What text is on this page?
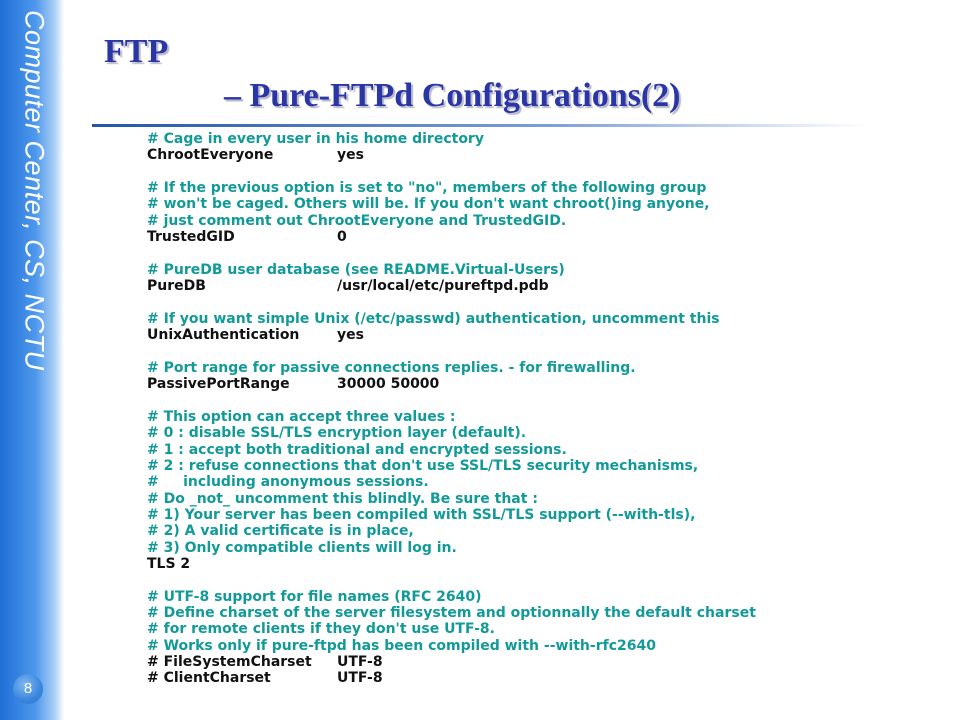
Computer Center, CS, NCTU
8
FTP
– Pure-FTPd Configurations(2)
# Cage in every user in his home directory
ChrootEveryone	yes
# If the previous option is set to "no", members of the following group
# won't be caged. Others will be. If you don't want chroot()ing anyone,
# just comment out ChrootEveryone and TrustedGID.
TrustedGID	0
# PureDB user database (see README.Virtual-Users)
PureDB	/usr/local/etc/pureftpd.pdb
# If you want simple Unix (/etc/passwd) authentication, uncomment this
UnixAuthentication	yes
# Port range for passive connections replies. - for firewalling.
PassivePortRange	30000 50000
# This option can accept three values :
# 0 : disable SSL/TLS encryption layer (default).
# 1 : accept both traditional and encrypted sessions.
# 2 : refuse connections that don't use SSL/TLS security mechanisms,
#     including anonymous sessions.
# Do _not_ uncomment this blindly. Be sure that :
# 1) Your server has been compiled with SSL/TLS support (--with-tls),
# 2) A valid certificate is in place,
# 3) Only compatible clients will log in.
TLS 2
# UTF-8 support for file names (RFC 2640)
# Define charset of the server filesystem and optionnally the default charset
# for remote clients if they don't use UTF-8.
# Works only if pure-ftpd has been compiled with --with-rfc2640
# FileSystemCharset UTF-8
# ClientCharset	UTF-8
